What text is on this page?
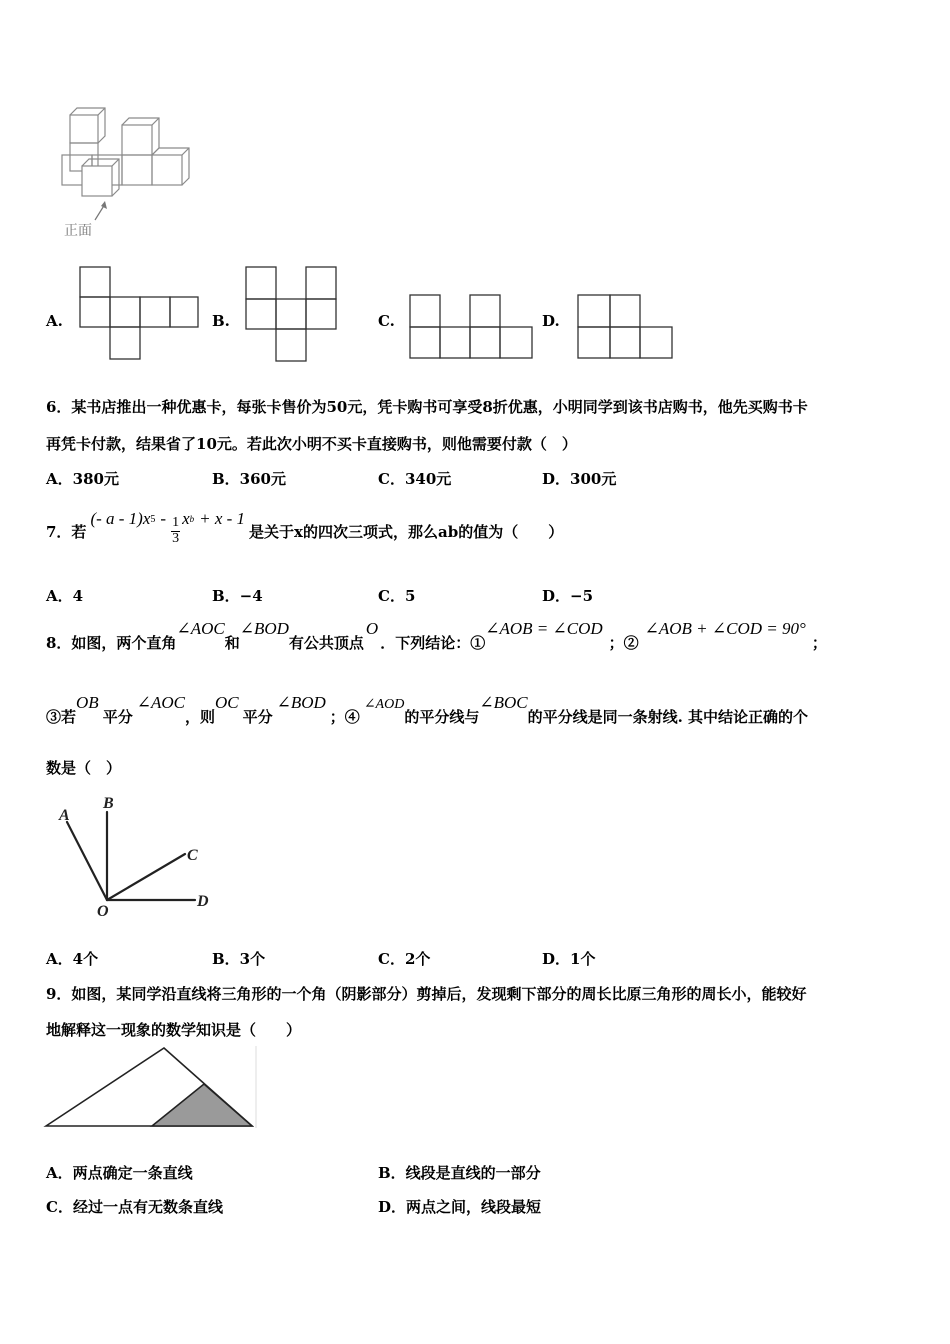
正面
A.	B.	C.	D.
6．某书店推出一种优惠卡，每张卡售价为50元，凭卡购书可享受8折优惠，小明同学到该书店购书，他先买购书卡
再凭卡付款，结果省了10元。若此次小明不买卡直接购书，则他需要付款（　）
A．380元	B．360元	C．340元	D．300元
7．若
(- a - 1)x $5 - \frac{1}{3}$ x b + x - 1
是关于x的四次三项式，那么ab的值为（　　）
A．4	B．−4	C．5	D．−5
8．如图，两个直角∠AOC和∠BOD有公共顶点O．下列结论：①∠AOB = ∠COD；②∠AOB + ∠COD = 90°；
③若OB平分∠AOC，则OC平分∠BOD；④∠AOD的平分线与∠BOC的平分线是同一条射线. 其中结论正确的个
数是（　）
A
B
C
D
O
A．4个	B．3个	C．2个	D．1个
9．如图，某同学沿直线将三角形的一个角（阴影部分）剪掉后，发现剩下部分的周长比原三角形的周长小，能较好
地解释这一现象的数学知识是（　　）
A．两点确定一条直线	B．线段是直线的一部分
C．经过一点有无数条直线	D．两点之间，线段最短
